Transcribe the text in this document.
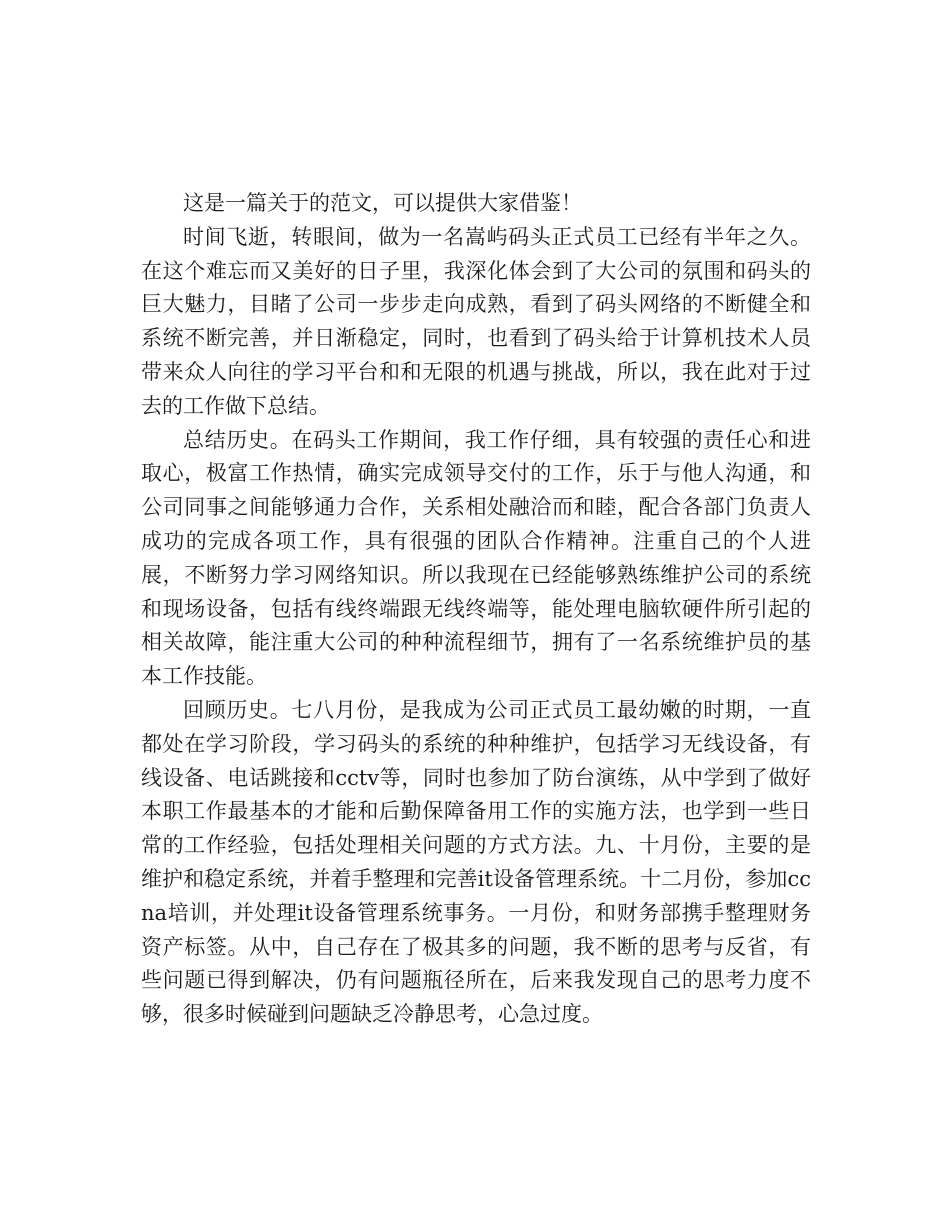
这是一篇关于的范文，可以提供大家借鉴！

时间飞逝，转眼间，做为一名嵩屿码头正式员工已经有半年之久。在这个难忘而又美好的日子里，我深化体会到了大公司的氛围和码头的巨大魅力，目睹了公司一步步走向成熟，看到了码头网络的不断健全和系统不断完善，并日渐稳定，同时，也看到了码头给于计算机技术人员带来众人向往的学习平台和和无限的机遇与挑战，所以，我在此对于过去的工作做下总结。

总结历史。在码头工作期间，我工作仔细，具有较强的责任心和进取心，极富工作热情，确实完成领导交付的工作，乐于与他人沟通，和公司同事之间能够通力合作，关系相处融洽而和睦，配合各部门负责人成功的完成各项工作，具有很强的团队合作精神。注重自己的个人进展，不断努力学习网络知识。所以我现在已经能够熟练维护公司的系统和现场设备，包括有线终端跟无线终端等，能处理电脑软硬件所引起的相关故障，能注重大公司的种种流程细节，拥有了一名系统维护员的基本工作技能。

回顾历史。七八月份，是我成为公司正式员工最幼嫩的时期，一直都处在学习阶段，学习码头的系统的种种维护，包括学习无线设备，有线设备、电话跳接和cctv等，同时也参加了防台演练，从中学到了做好本职工作最基本的才能和后勤保障备用工作的实施方法，也学到一些日常的工作经验，包括处理相关问题的方式方法。九、十月份，主要的是维护和稳定系统，并着手整理和完善it设备管理系统。十二月份，参加ccna培训，并处理it设备管理系统事务。一月份，和财务部携手整理财务资产标签。从中，自己存在了极其多的问题，我不断的思考与反省，有些问题已得到解决，仍有问题瓶径所在，后来我发现自己的思考力度不够，很多时候碰到问题缺乏冷静思考，心急过度。
